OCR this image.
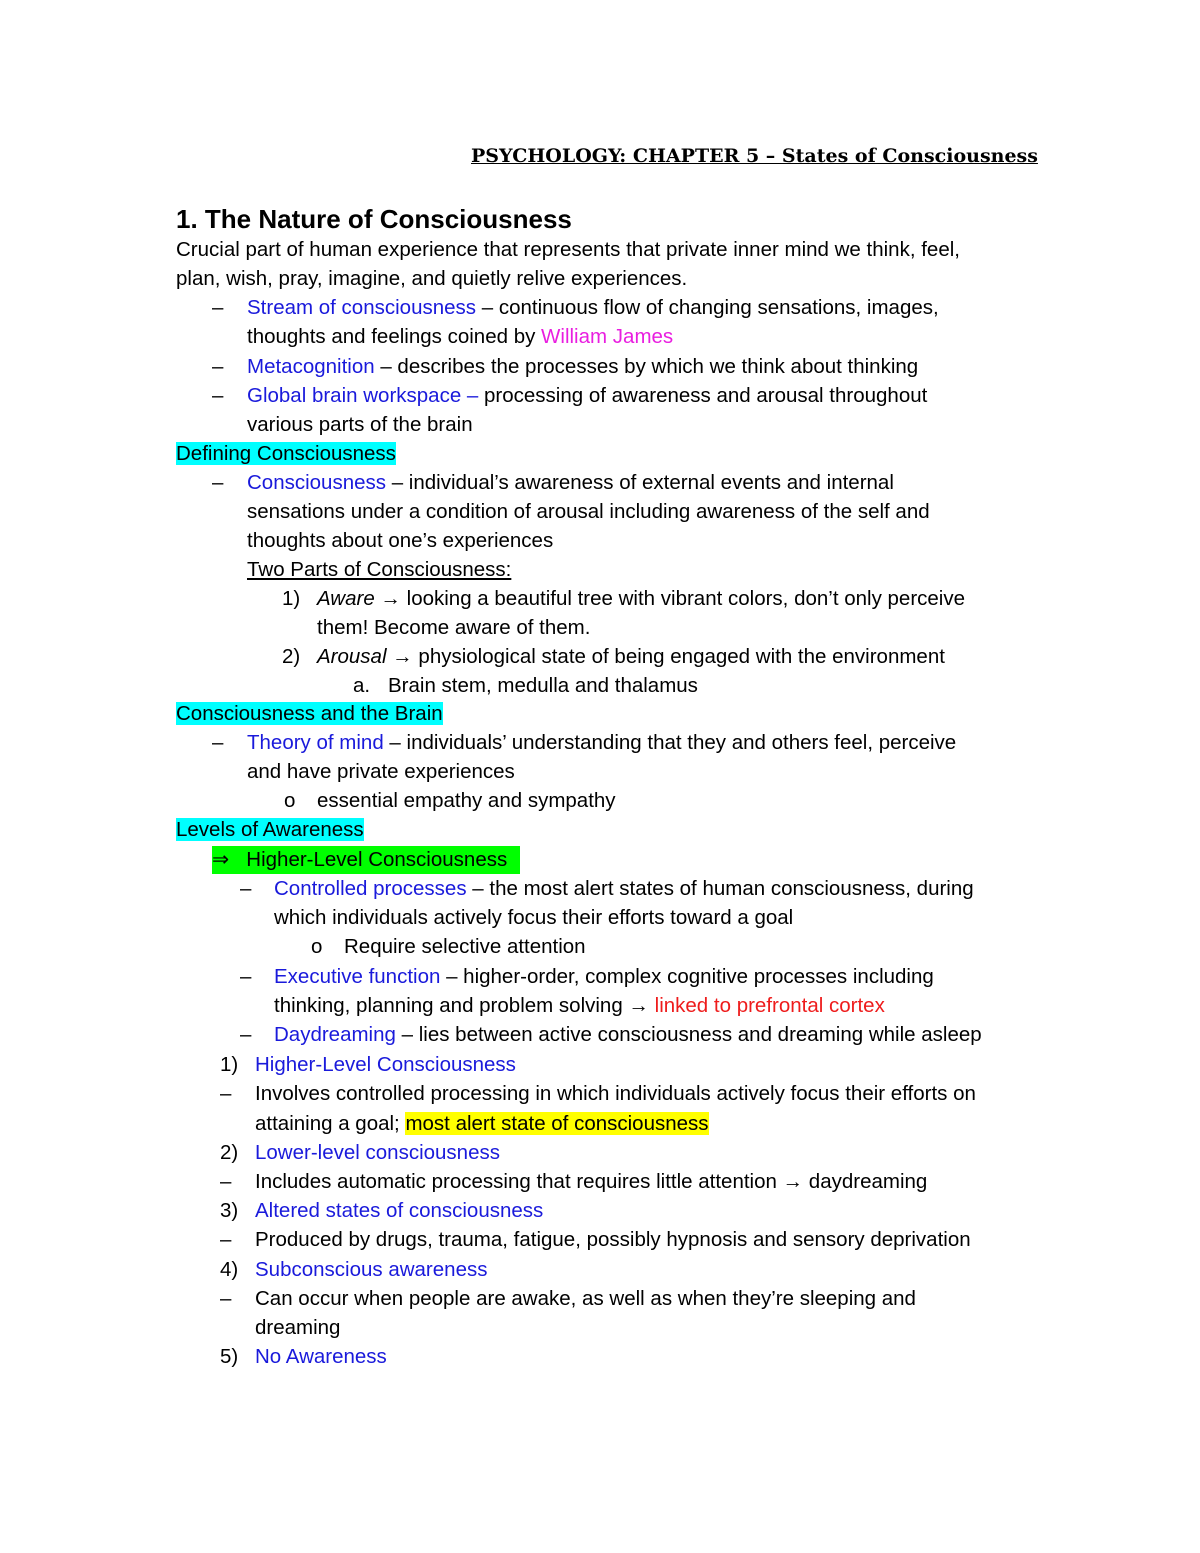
PSYCHOLOGY: CHAPTER 5 – States of Consciousness
1. The Nature of Consciousness
Crucial part of human experience that represents that private inner mind we think, feel,
plan, wish, pray, imagine, and quietly relive experiences.
– Stream of consciousness – continuous flow of changing sensations, images,
thoughts and feelings coined by William James
– Metacognition – describes the processes by which we think about thinking
– Global brain workspace – processing of awareness and arousal throughout
various parts of the brain
Defining Consciousness
– Consciousness – individual’s awareness of external events and internal
sensations under a condition of arousal including awareness of the self and
thoughts about one’s experiences
Two Parts of Consciousness:
1) Aware → looking a beautiful tree with vibrant colors, don’t only perceive
them! Become aware of them.
2) Arousal → physiological state of being engaged with the environment
a. Brain stem, medulla and thalamus
Consciousness and the Brain
– Theory of mind – individuals’ understanding that they and others feel, perceive
and have private experiences
o essential empathy and sympathy
Levels of Awareness
⇒ Higher-Level Consciousness
– Controlled processes – the most alert states of human consciousness, during
which individuals actively focus their efforts toward a goal
o Require selective attention
– Executive function – higher-order, complex cognitive processes including
thinking, planning and problem solving → linked to prefrontal cortex
– Daydreaming – lies between active consciousness and dreaming while asleep
1) Higher-Level Consciousness
– Involves controlled processing in which individuals actively focus their efforts on
attaining a goal; most alert state of consciousness
2) Lower-level consciousness
– Includes automatic processing that requires little attention → daydreaming
3) Altered states of consciousness
– Produced by drugs, trauma, fatigue, possibly hypnosis and sensory deprivation
4) Subconscious awareness
– Can occur when people are awake, as well as when they’re sleeping and
dreaming
5) No Awareness
